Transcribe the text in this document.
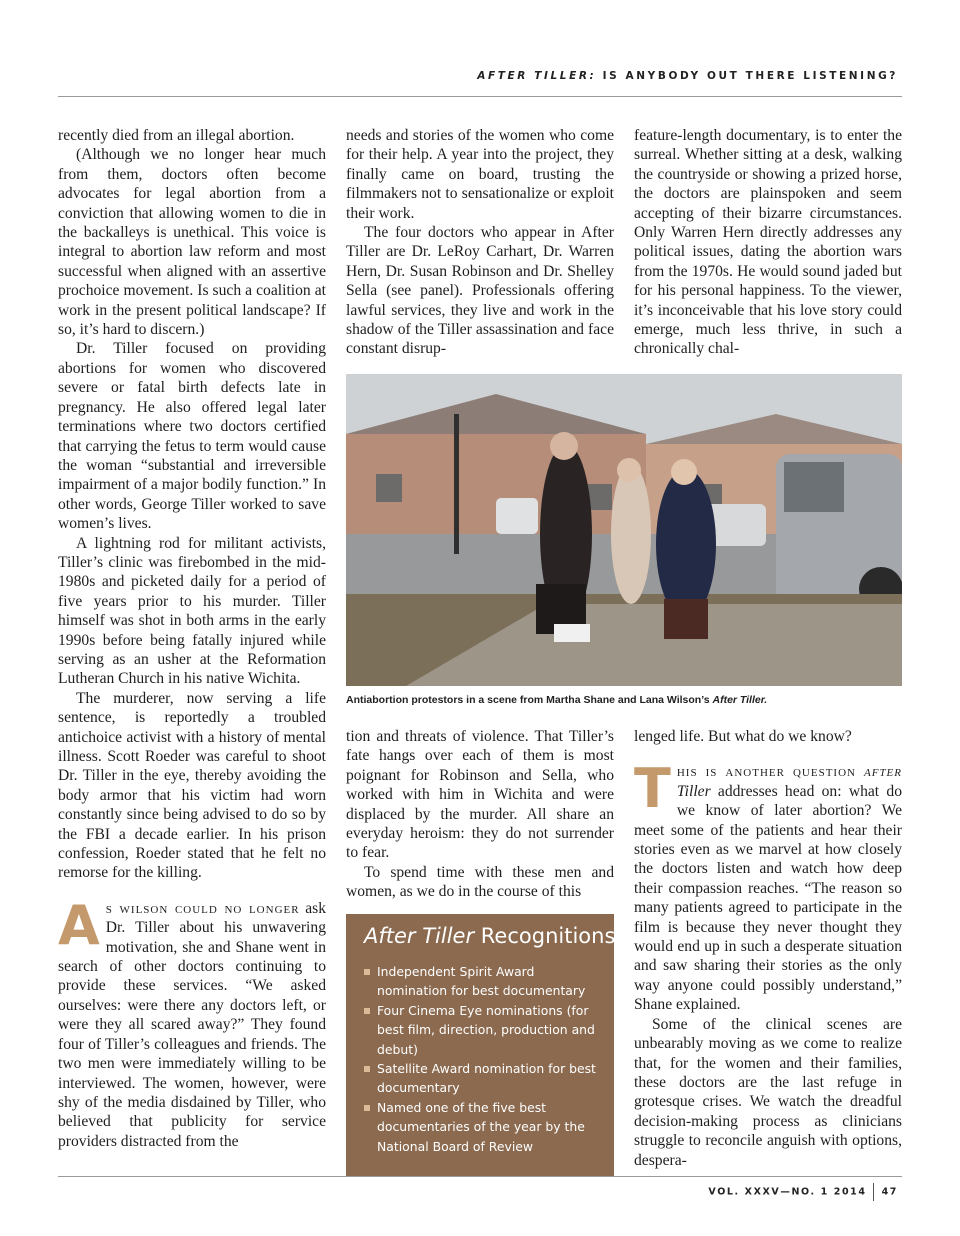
AFTER TILLER: IS ANYBODY OUT THERE LISTENING?

recently died from an illegal abortion.

(Although we no longer hear much from them, doctors often become advocates for legal abortion from a conviction that allowing women to die in the backalleys is unethical. This voice is integral to abortion law reform and most successful when aligned with an assertive prochoice movement. Is such a coalition at work in the present political landscape? If so, it’s hard to discern.)

Dr. Tiller focused on providing abortions for women who discovered severe or fatal birth defects late in pregnancy. He also offered legal later terminations where two doctors certified that carrying the fetus to term would cause the woman “substantial and irreversible impairment of a major bodily function.” In other words, George Tiller worked to save women’s lives.

A lightning rod for militant activists, Tiller’s clinic was firebombed in the mid-1980s and picketed daily for a period of five years prior to his murder. Tiller himself was shot in both arms in the early 1990s before being fatally injured while serving as an usher at the Reformation Lutheran Church in his native Wichita.

The murderer, now serving a life sentence, is reportedly a troubled antichoice activist with a history of mental illness. Scott Roeder was careful to shoot Dr. Tiller in the eye, thereby avoiding the body armor that his victim had worn constantly since being advised to do so by the FBI a decade earlier. In his prison confession, Roeder stated that he felt no remorse for the killing.

As wilson could no longer ask Dr. Tiller about his unwavering motivation, she and Shane went in search of other doctors continuing to provide these services. “We asked ourselves: were there any doctors left, or were they all scared away?” They found four of Tiller’s colleagues and friends. The two men were immediately willing to be interviewed. The women, however, were shy of the media disdained by Tiller, who believed that publicity for service providers distracted from the

needs and stories of the women who come for their help. A year into the project, they finally came on board, trusting the filmmakers not to sensationalize or exploit their work.

The four doctors who appear in After Tiller are Dr. LeRoy Carhart, Dr. Warren Hern, Dr. Susan Robinson and Dr. Shelley Sella (see panel). Professionals offering lawful services, they live and work in the shadow of the Tiller assassination and face constant disrup-

feature-length documentary, is to enter the surreal. Whether sitting at a desk, walking the countryside or showing a prized horse, the doctors are plainspoken and seem accepting of their bizarre circumstances. Only Warren Hern directly addresses any political issues, dating the abortion wars from the 1970s. He would sound jaded but for his personal happiness. To the viewer, it’s inconceivable that his love story could emerge, much less thrive, in such a chronically chal-

Antiabortion protestors in a scene from Martha Shane and Lana Wilson’s After Tiller.

tion and threats of violence. That Tiller’s fate hangs over each of them is most poignant for Robinson and Sella, who worked with him in Wichita and were displaced by the murder. All share an everyday heroism: they do not surrender to fear.

To spend time with these men and women, as we do in the course of this

After Tiller Recognitions
Independent Spirit Award nomination for best documentary
Four Cinema Eye nominations (for best film, direction, production and debut)
Satellite Award nomination for best documentary
Named one of the five best documentaries of the year by the National Board of Review

lenged life. But what do we know?

This is another question after Tiller addresses head on: what do we know of later abortion? We meet some of the patients and hear their stories even as we marvel at how closely the doctors listen and watch how deep their compassion reaches. “The reason so many patients agreed to participate in the film is because they never thought they would end up in such a desperate situation and saw sharing their stories as the only way anyone could possibly understand,” Shane explained.

Some of the clinical scenes are unbearably moving as we come to realize that, for the women and their families, these doctors are the last refuge in grotesque crises. We watch the dreadful decision-making process as clinicians struggle to reconcile anguish with options, despera-

VOL. XXXV—NO. 1 2014 47
